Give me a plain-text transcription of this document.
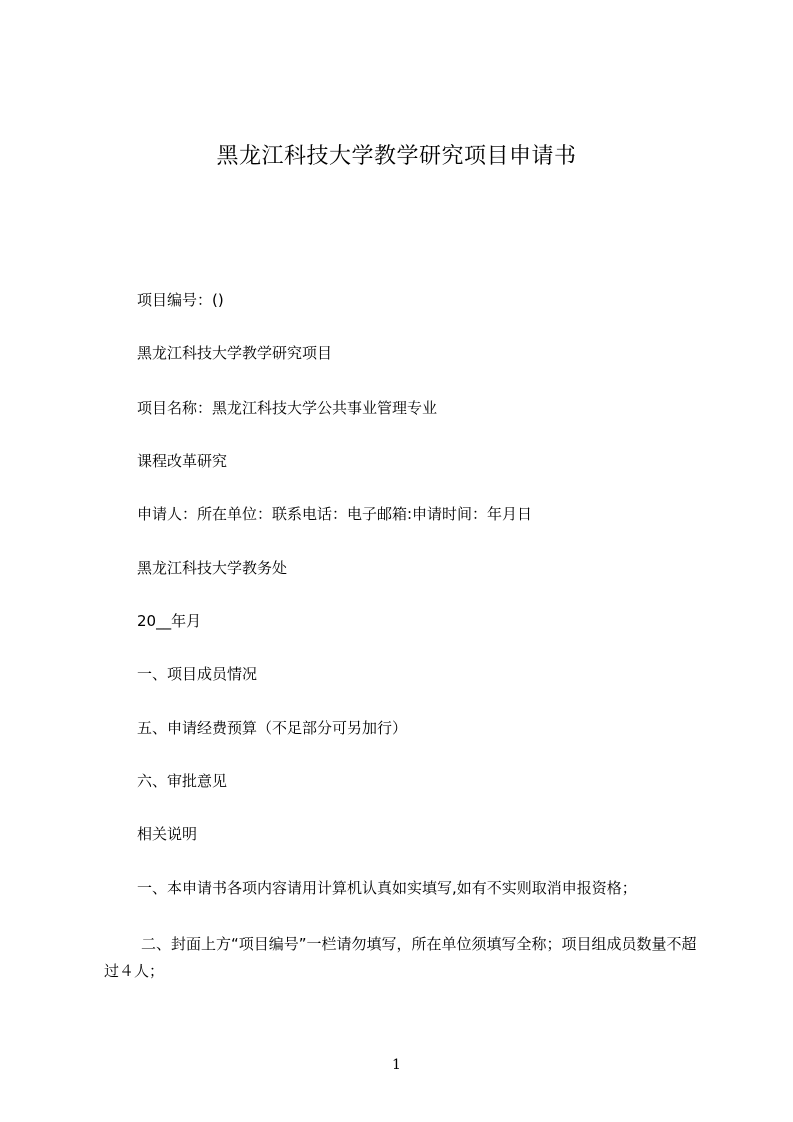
黑龙江科技大学教学研究项目申请书
项目编号：()
黑龙江科技大学教学研究项目
项目名称：黑龙江科技大学公共事业管理专业
课程改革研究
申请人：所在单位：联系电话：电子邮箱:申请时间：年月日
黑龙江科技大学教务处
20__年月
一、项目成员情况
五、申请经费预算（不足部分可另加行）
六、审批意见
相关说明
一、本申请书各项内容请用计算机认真如实填写,如有不实则取消申报资格；
二、封面上方“项目编号”一栏请勿填写，所在单位须填写全称；项目组成员数量不超过４人；
1
